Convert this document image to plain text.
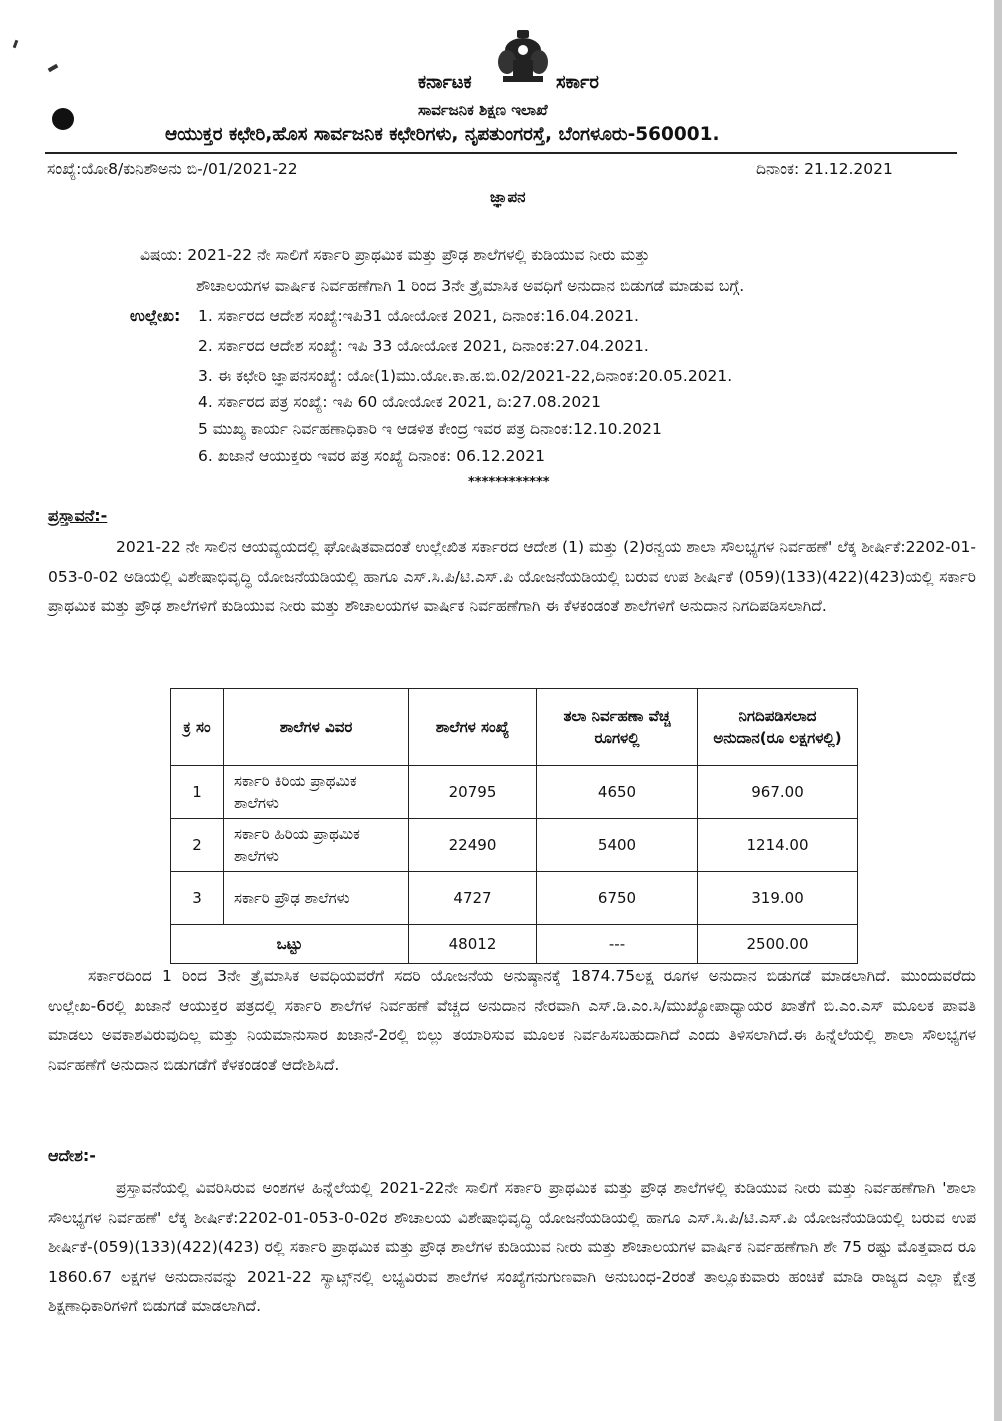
ಕರ್ನಾಟಕ	ಸರ್ಕಾರ
ಸಾರ್ವಜನಿಕ ಶಿಕ್ಷಣ ಇಲಾಖೆ
ಆಯುಕ್ತರ ಕಛೇರಿ,ಹೊಸ ಸಾರ್ವಜನಿಕ ಕಛೇರಿಗಳು, ನೃಪತುಂಗರಸ್ತೆ, ಬೆಂಗಳೂರು-560001.
ಸಂಖ್ಯೆ:ಯೋ8/ಕುನಿಶೌಅನು ಬಿ-/01/2021-22	ದಿನಾಂಕ: 21.12.2021
ಜ್ಞಾಪನ
ವಿಷಯ: 2021-22 ನೇ ಸಾಲಿಗೆ ಸರ್ಕಾರಿ ಪ್ರಾಥಮಿಕ ಮತ್ತು ಪ್ರೌಢ ಶಾಲೆಗಳಲ್ಲಿ ಕುಡಿಯುವ ನೀರು ಮತ್ತು
ಶೌಚಾಲಯಗಳ ವಾರ್ಷಿಕ ನಿರ್ವಹಣೆಗಾಗಿ 1 ರಿಂದ 3ನೇ ತ್ರೈಮಾಸಿಕ ಅವಧಿಗೆ ಅನುದಾನ ಬಿಡುಗಡೆ ಮಾಡುವ ಬಗ್ಗೆ.
ಉಲ್ಲೇಖ: 1. ಸರ್ಕಾರದ ಆದೇಶ ಸಂಖ್ಯೆ:ಇಪಿ31 ಯೋಯೋಕ 2021, ದಿನಾಂಕ:16.04.2021.
2. ಸರ್ಕಾರದ ಆದೇಶ ಸಂಖ್ಯೆ: ಇಪಿ 33 ಯೋಯೋಕ 2021, ದಿನಾಂಕ:27.04.2021.
3. ಈ ಕಛೇರಿ ಜ್ಞಾಪನಸಂಖ್ಯೆ: ಯೋ(1)ಮು.ಯೋ.ಕಾ.ಹ.ಬಿ.02/2021-22,ದಿನಾಂಕ:20.05.2021.
4. ಸರ್ಕಾರದ ಪತ್ರ ಸಂಖ್ಯೆ: ಇಪಿ 60 ಯೋಯೋಕ 2021, ದಿ:27.08.2021
5 ಮುಖ್ಯ ಕಾರ್ಯ ನಿರ್ವಹಣಾಧಿಕಾರಿ ಇ ಆಡಳಿತ ಕೇಂದ್ರ ಇವರ ಪತ್ರ ದಿನಾಂಕ:12.10.2021
6. ಖಜಾನೆ ಆಯುಕ್ತರು ಇವರ ಪತ್ರ ಸಂಖ್ಯೆ ದಿನಾಂಕ: 06.12.2021
************
ಪ್ರಸ್ತಾವನೆ:-
2021-22 ನೇ ಸಾಲಿನ ಆಯವ್ಯಯದಲ್ಲಿ ಘೋಷಿತವಾದಂತೆ ಉಲ್ಲೇಖಿತ ಸರ್ಕಾರದ ಆದೇಶ (1) ಮತ್ತು (2)ರನ್ವಯ ಶಾಲಾ ಸೌಲಭ್ಯಗಳ ನಿರ್ವಹಣೆ' ಲೆಕ್ಕ ಶೀರ್ಷಿಕೆ:2202-01-053-0-02 ಅಡಿಯಲ್ಲಿ ವಿಶೇಷಾಭಿವೃದ್ಧಿ ಯೋಜನೆಯಡಿಯಲ್ಲಿ ಹಾಗೂ ಎಸ್.ಸಿ.ಪಿ/ಟಿ.ಎಸ್.ಪಿ ಯೋಜನೆಯಡಿಯಲ್ಲಿ ಬರುವ ಉಪ ಶೀರ್ಷಿಕೆ (059)(133)(422)(423)ಯಲ್ಲಿ ಸರ್ಕಾರಿ ಪ್ರಾಥಮಿಕ ಮತ್ತು ಪ್ರೌಢ ಶಾಲೆಗಳಿಗೆ ಕುಡಿಯುವ ನೀರು ಮತ್ತು ಶೌಚಾಲಯಗಳ ವಾರ್ಷಿಕ ನಿರ್ವಹಣೆಗಾಗಿ ಈ ಕೆಳಕಂಡಂತೆ ಶಾಲೆಗಳಿಗೆ ಅನುದಾನ ನಿಗದಿಪಡಿಸಲಾಗಿದೆ.
ಕ್ರ ಸಂ	ಶಾಲೆಗಳ ವಿವರ	ಶಾಲೆಗಳ ಸಂಖ್ಯೆ	ತಲಾ ನಿರ್ವಹಣಾ ವೆಚ್ಚ ರೂಗಳಲ್ಲಿ	ನಿಗದಿಪಡಿಸಲಾದ ಅನುದಾನ(ರೂ ಲಕ್ಷಗಳಲ್ಲಿ)
1	ಸರ್ಕಾರಿ ಕಿರಿಯ ಪ್ರಾಥಮಿಕ ಶಾಲೆಗಳು	20795	4650	967.00
2	ಸರ್ಕಾರಿ ಹಿರಿಯ ಪ್ರಾಥಮಿಕ ಶಾಲೆಗಳು	22490	5400	1214.00
3	ಸರ್ಕಾರಿ ಪ್ರೌಢ ಶಾಲೆಗಳು	4727	6750	319.00
ಒಟ್ಟು		48012	---	2500.00
ಸರ್ಕಾರದಿಂದ 1 ರಿಂದ 3ನೇ ತ್ರೈಮಾಸಿಕ ಅವಧಿಯವರೆಗೆ ಸದರಿ ಯೋಜನೆಯ ಅನುಷ್ಠಾನಕ್ಕೆ 1874.75ಲಕ್ಷ ರೂಗಳ ಅನುದಾನ ಬಿಡುಗಡೆ ಮಾಡಲಾಗಿದೆ. ಮುಂದುವರೆದು ಉಲ್ಲೇಖ-6ರಲ್ಲಿ ಖಜಾನೆ ಆಯುಕ್ತರ ಪತ್ರದಲ್ಲಿ ಸರ್ಕಾರಿ ಶಾಲೆಗಳ ನಿರ್ವಹಣೆ ವೆಚ್ಚದ ಅನುದಾನ ನೇರವಾಗಿ ಎಸ್.ಡಿ.ಎಂ.ಸಿ/ಮುಖ್ಯೋಪಾಧ್ಯಾಯರ ಖಾತೆಗೆ ಬಿ.ಎಂ.ಎಸ್ ಮೂಲಕ ಪಾವತಿ ಮಾಡಲು ಅವಕಾಶವಿರುವುದಿಲ್ಲ ಮತ್ತು ನಿಯಮಾನುಸಾರ ಖಜಾನೆ-2ರಲ್ಲಿ ಬಿಲ್ಲು ತಯಾರಿಸುವ ಮೂಲಕ ನಿರ್ವಹಿಸಬಹುದಾಗಿದೆ ಎಂದು ತಿಳಿಸಲಾಗಿದೆ.ಈ ಹಿನ್ನೆಲೆಯಲ್ಲಿ ಶಾಲಾ ಸೌಲಭ್ಯಗಳ ನಿರ್ವಹಣೆಗೆ ಅನುದಾನ ಬಿಡುಗಡೆಗೆ ಕೆಳಕಂಡಂತೆ ಆದೇಶಿಸಿದೆ.
ಆದೇಶ:-
ಪ್ರಸ್ತಾವನೆಯಲ್ಲಿ ವಿವರಿಸಿರುವ ಅಂಶಗಳ ಹಿನ್ನೆಲೆಯಲ್ಲಿ 2021-22ನೇ ಸಾಲಿಗೆ ಸರ್ಕಾರಿ ಪ್ರಾಥಮಿಕ ಮತ್ತು ಪ್ರೌಢ ಶಾಲೆಗಳಲ್ಲಿ ಕುಡಿಯುವ ನೀರು ಮತ್ತು ನಿರ್ವಹಣೆಗಾಗಿ 'ಶಾಲಾ ಸೌಲಭ್ಯಗಳ ನಿರ್ವಹಣೆ' ಲೆಕ್ಕ ಶೀರ್ಷಿಕೆ:2202-01-053-0-02ರ ಶೌಚಾಲಯ ವಿಶೇಷಾಭಿವೃದ್ಧಿ ಯೋಜನೆಯಡಿಯಲ್ಲಿ ಹಾಗೂ ಎಸ್.ಸಿ.ಪಿ/ಟಿ.ಎಸ್.ಪಿ ಯೋಜನೆಯಡಿಯಲ್ಲಿ ಬರುವ ಉಪ ಶೀರ್ಷಿಕೆ-(059)(133)(422)(423) ರಲ್ಲಿ ಸರ್ಕಾರಿ ಪ್ರಾಥಮಿಕ ಮತ್ತು ಪ್ರೌಢ ಶಾಲೆಗಳ ಕುಡಿಯುವ ನೀರು ಮತ್ತು ಶೌಚಾಲಯಗಳ ವಾರ್ಷಿಕ ನಿರ್ವಹಣೆಗಾಗಿ ಶೇ 75 ರಷ್ಟು ಮೊತ್ತವಾದ ರೂ 1860.67 ಲಕ್ಷಗಳ ಅನುದಾನವನ್ನು 2021-22 ಸ್ಯಾಟ್ಸ್‌ನಲ್ಲಿ ಲಭ್ಯವಿರುವ ಶಾಲೆಗಳ ಸಂಖ್ಯೆಗನುಗುಣವಾಗಿ ಅನುಬಂಧ-2ರಂತೆ ತಾಲ್ಲೂಕುವಾರು ಹಂಚಿಕೆ ಮಾಡಿ ರಾಜ್ಯದ ಎಲ್ಲಾ ಕ್ಷೇತ್ರ ಶಿಕ್ಷಣಾಧಿಕಾರಿಗಳಿಗೆ ಬಿಡುಗಡೆ ಮಾಡಲಾಗಿದೆ.
